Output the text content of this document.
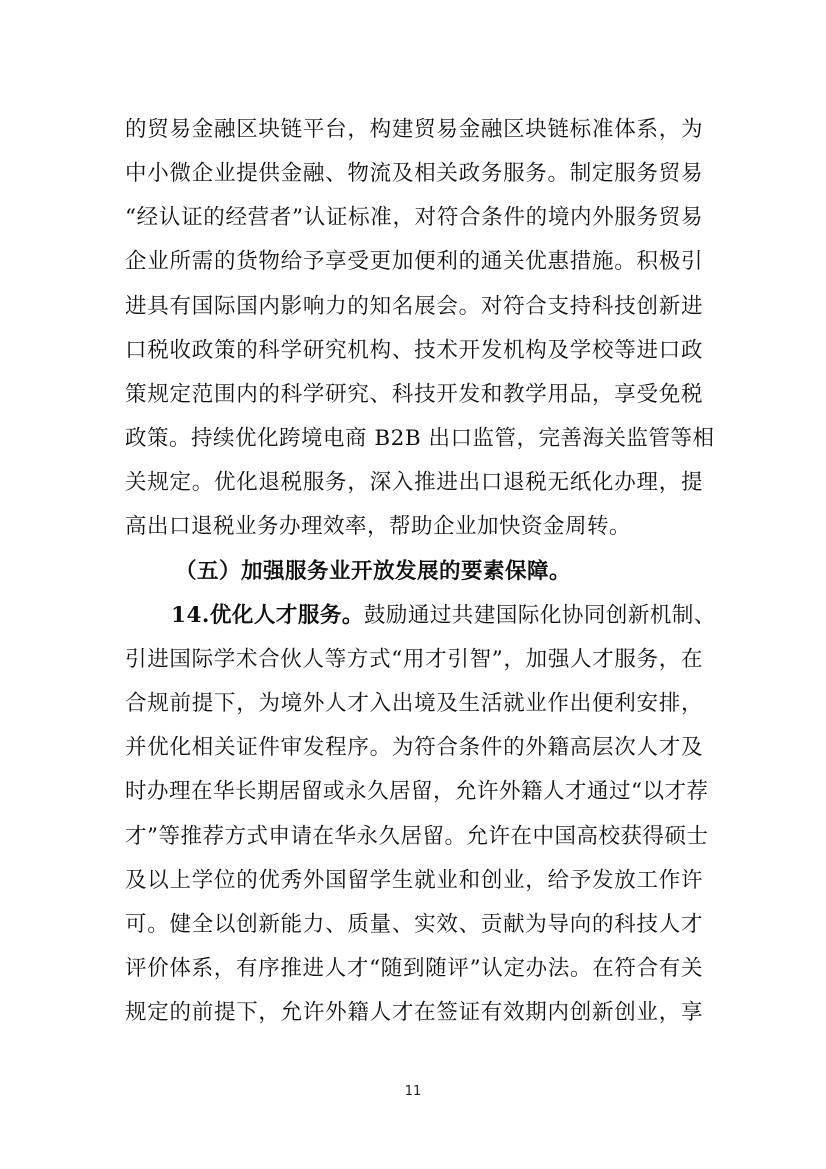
的贸易金融区块链平台，构建贸易金融区块链标准体系，为
中小微企业提供金融、物流及相关政务服务。制定服务贸易
“经认证的经营者”认证标准，对符合条件的境内外服务贸易
企业所需的货物给予享受更加便利的通关优惠措施。积极引
进具有国际国内影响力的知名展会。对符合支持科技创新进
口税收政策的科学研究机构、技术开发机构及学校等进口政
策规定范围内的科学研究、科技开发和教学用品，享受免税
政策。持续优化跨境电商 B2B 出口监管，完善海关监管等相
关规定。优化退税服务，深入推进出口退税无纸化办理，提
高出口退税业务办理效率，帮助企业加快资金周转。
（五）加强服务业开放发展的要素保障。
14.优化人才服务。鼓励通过共建国际化协同创新机制、
引进国际学术合伙人等方式“用才引智”，加强人才服务，在
合规前提下，为境外人才入出境及生活就业作出便利安排，
并优化相关证件审发程序。为符合条件的外籍高层次人才及
时办理在华长期居留或永久居留，允许外籍人才通过“以才荐
才”等推荐方式申请在华永久居留。允许在中国高校获得硕士
及以上学位的优秀外国留学生就业和创业，给予发放工作许
可。健全以创新能力、质量、实效、贡献为导向的科技人才
评价体系，有序推进人才“随到随评”认定办法。在符合有关
规定的前提下，允许外籍人才在签证有效期内创新创业，享
11
